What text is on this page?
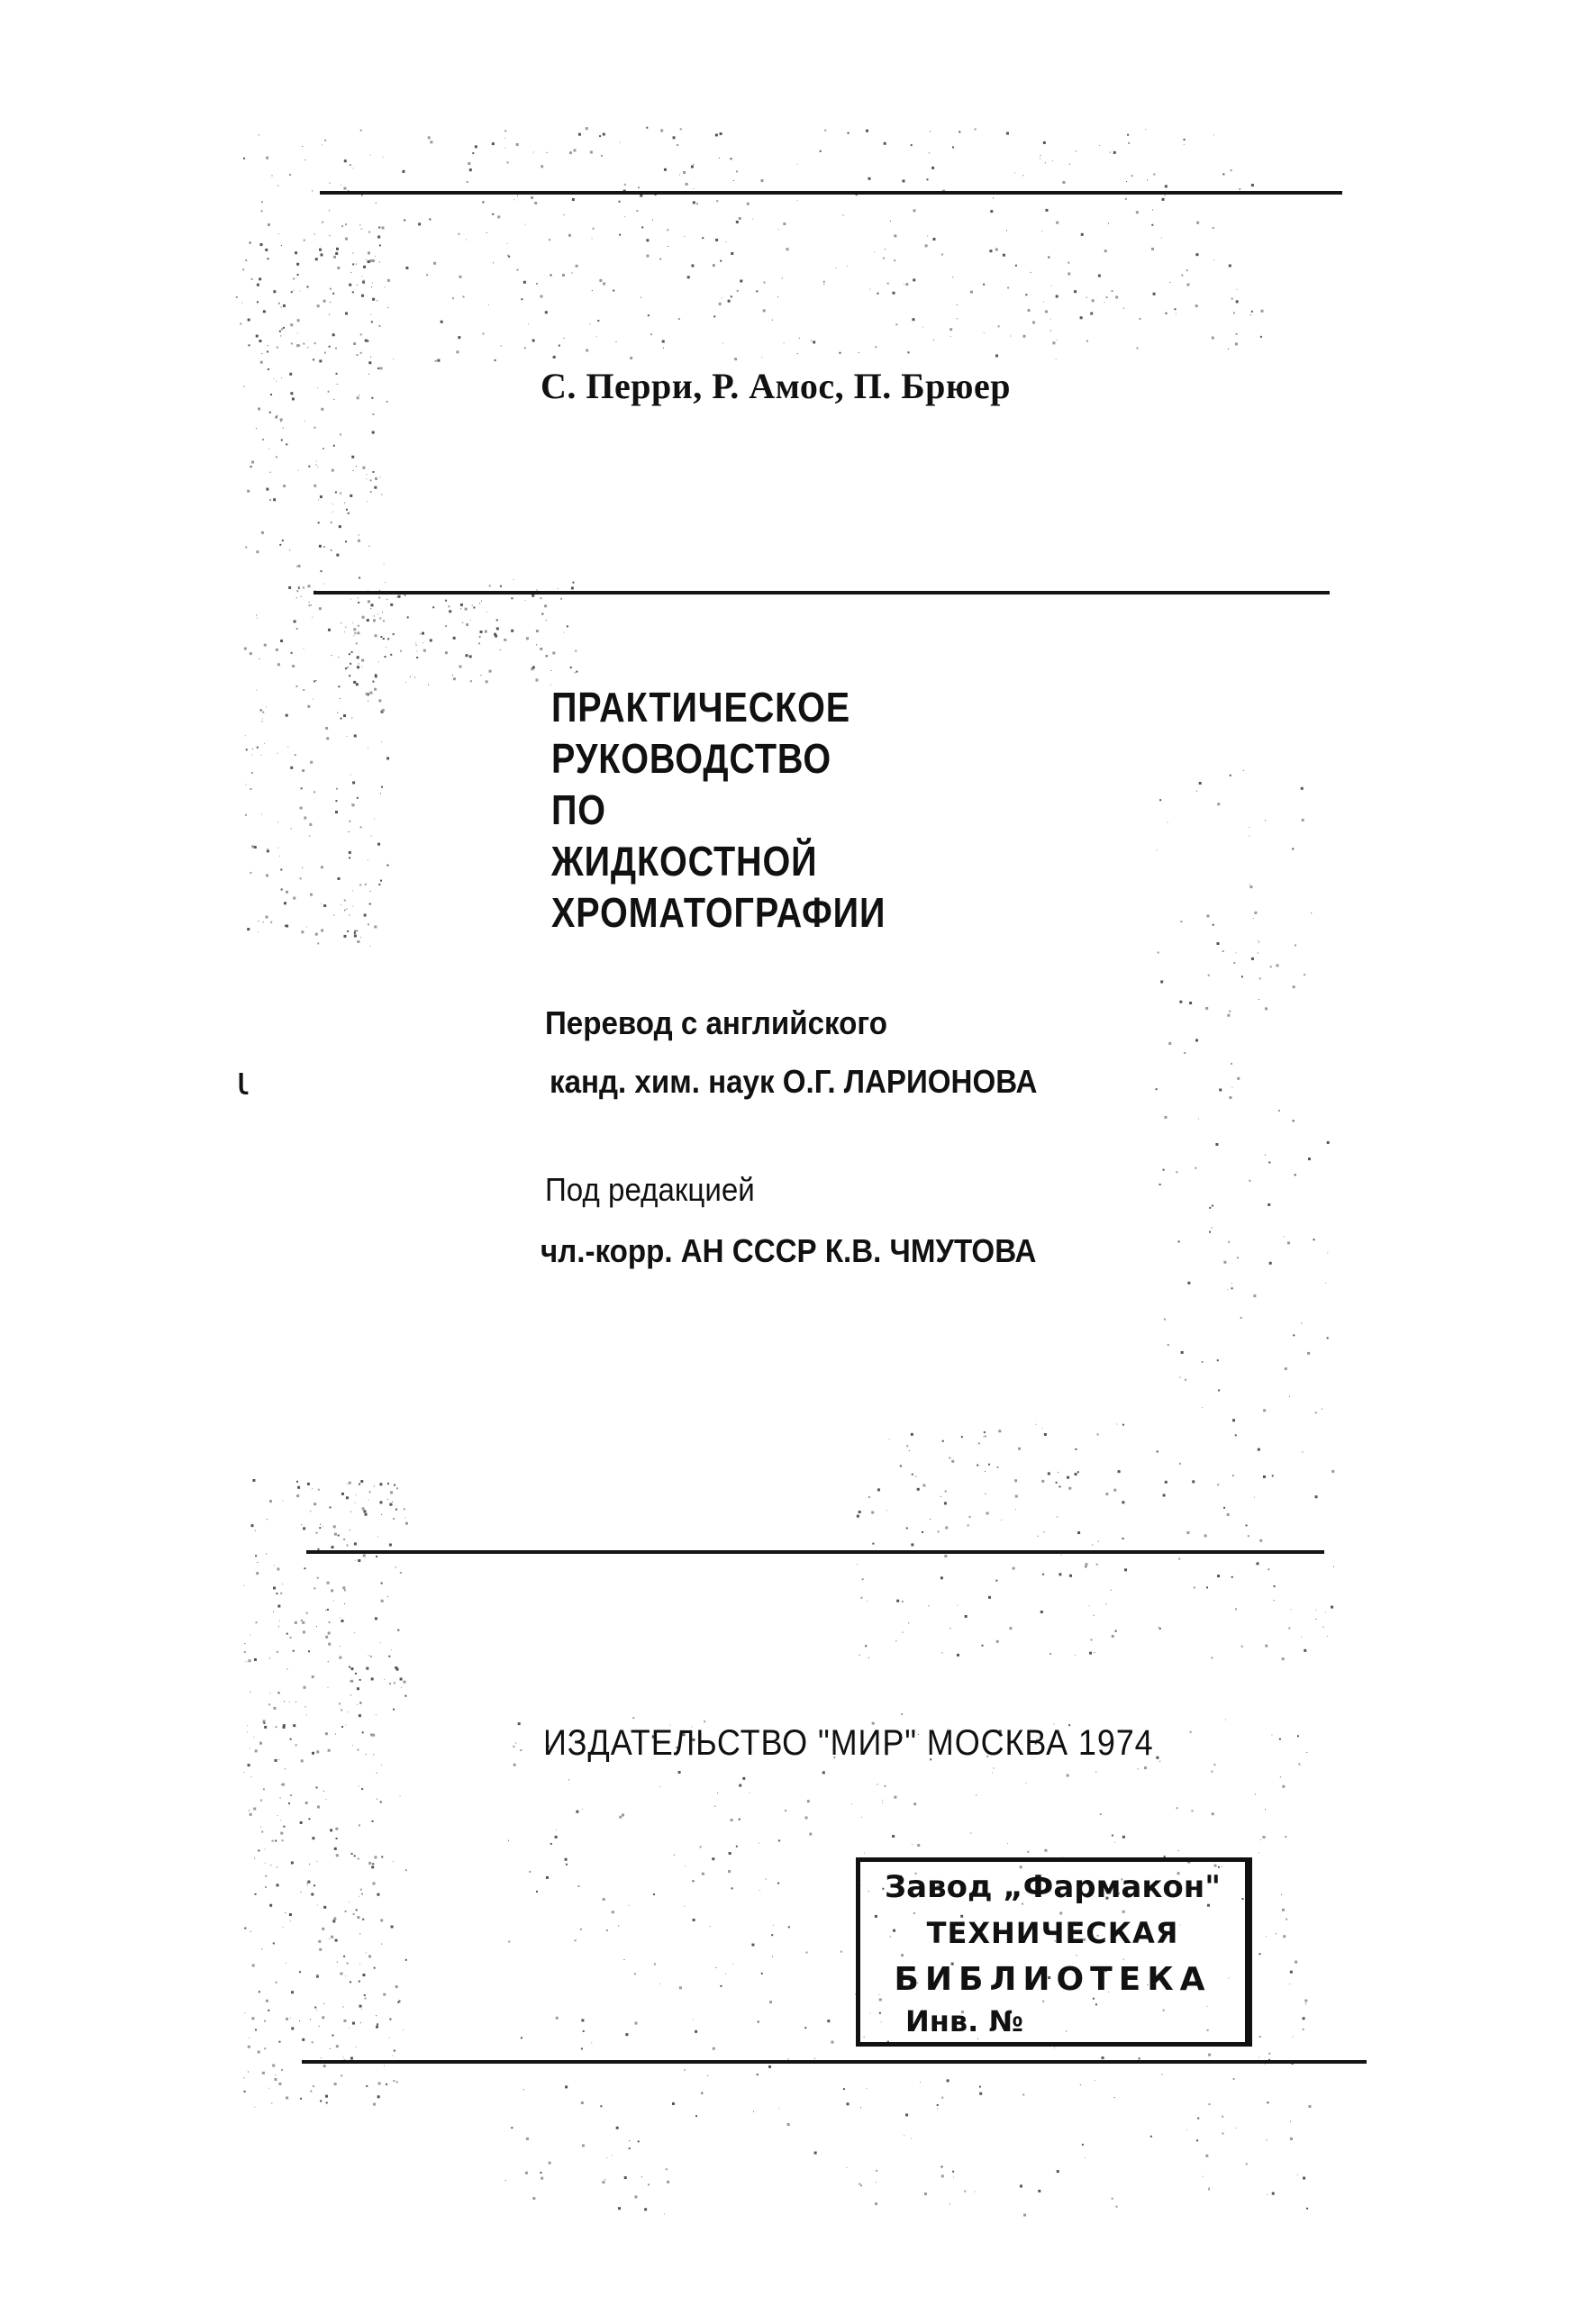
С. Перри, Р. Амос, П. Брюер
ПРАКТИЧЕСКОЕ
РУКОВОДСТВО
ПО
ЖИДКОСТНОЙ
ХРОМАТОГРАФИИ
Перевод с английского
канд. хим. наук О.Г. ЛАРИОНОВА
Под редакцией
чл.-корр. АН СССР К.В. ЧМУТОВА
ɩ
ИЗДАТЕЛЬСТВО "МИР" МОСКВА 1974
Завод „Фармакон"
ТЕХНИЧЕСКАЯ
БИБЛИОТЕКА
Инв. №
